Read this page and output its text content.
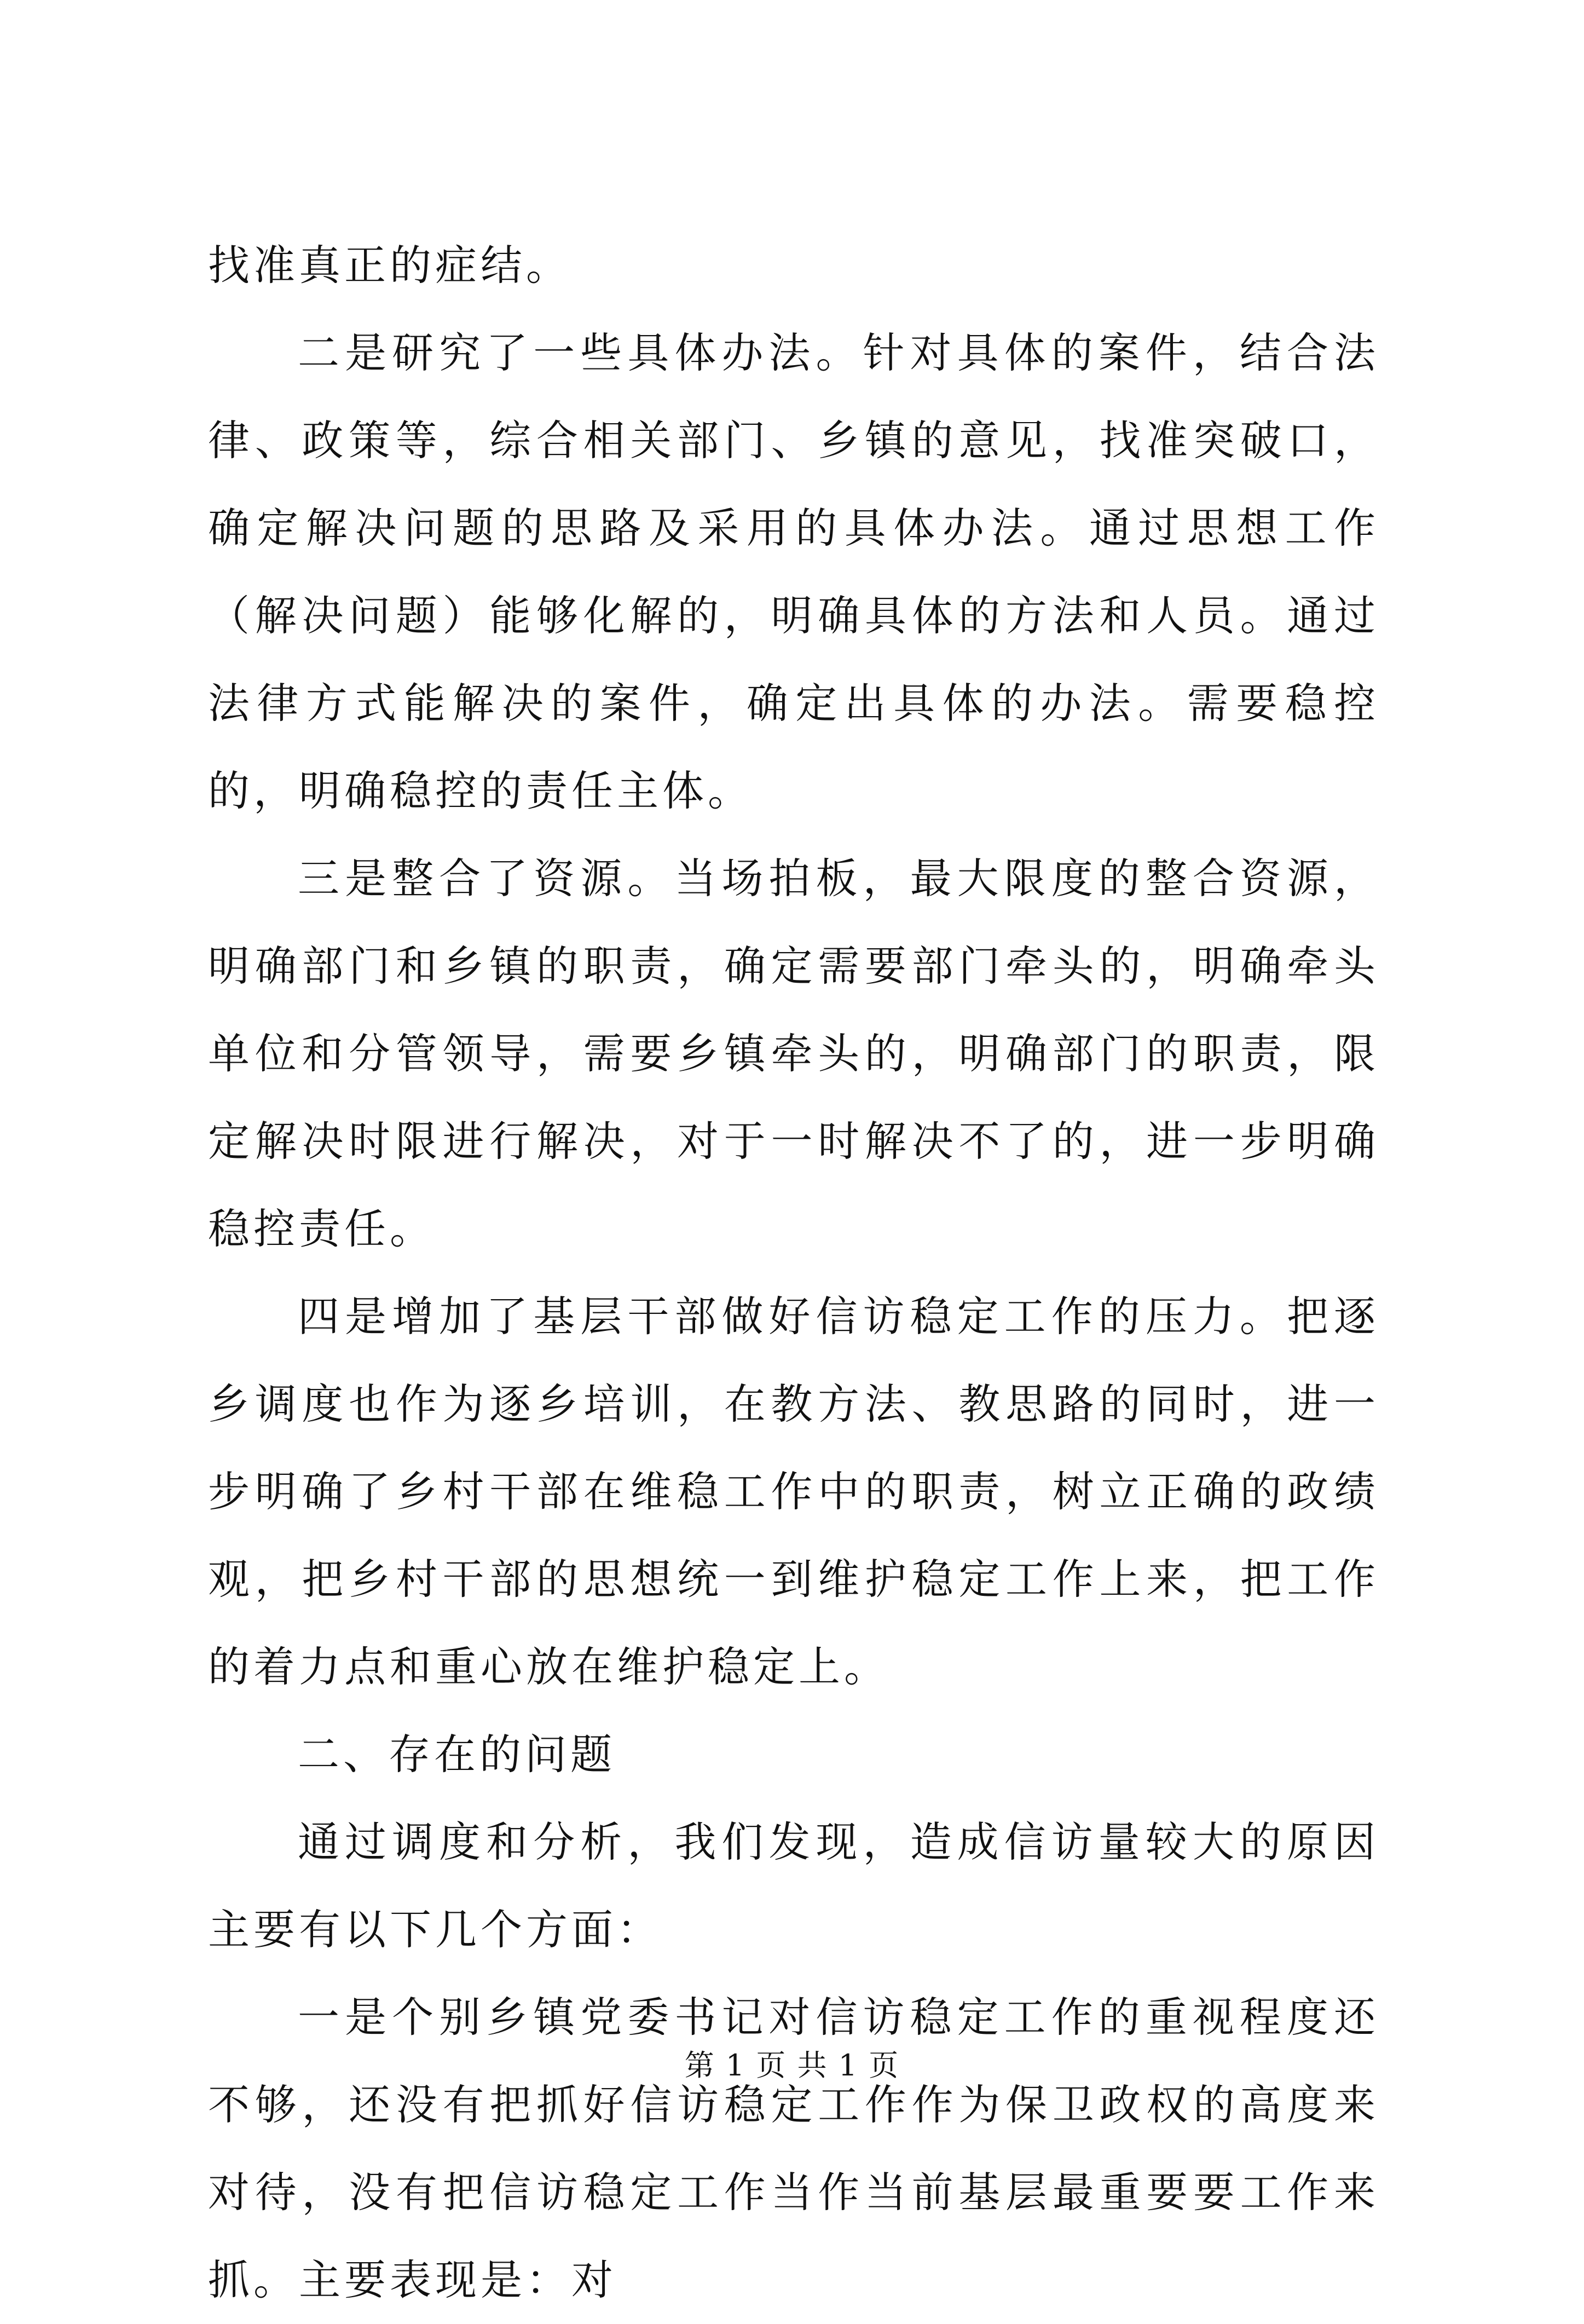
找准真正的症结。

二是研究了一些具体办法。针对具体的案件，结合法律、政策等，综合相关部门、乡镇的意见，找准突破口，确定解决问题的思路及采用的具体办法。通过思想工作（解决问题）能够化解的，明确具体的方法和人员。通过法律方式能解决的案件，确定出具体的办法。需要稳控的，明确稳控的责任主体。

三是整合了资源。当场拍板，最大限度的整合资源，明确部门和乡镇的职责，确定需要部门牵头的，明确牵头单位和分管领导，需要乡镇牵头的，明确部门的职责，限定解决时限进行解决，对于一时解决不了的，进一步明确稳控责任。

四是增加了基层干部做好信访稳定工作的压力。把逐乡调度也作为逐乡培训，在教方法、教思路的同时，进一步明确了乡村干部在维稳工作中的职责，树立正确的政绩观，把乡村干部的思想统一到维护稳定工作上来，把工作的着力点和重心放在维护稳定上。

二、存在的问题

通过调度和分析，我们发现，造成信访量较大的原因主要有以下几个方面：

一是个别乡镇党委书记对信访稳定工作的重视程度还不够，还没有把抓好信访稳定工作作为保卫政权的高度来对待，没有把信访稳定工作当作当前基层最重要要工作来抓。主要表现是：对

第 1 页 共 1 页
